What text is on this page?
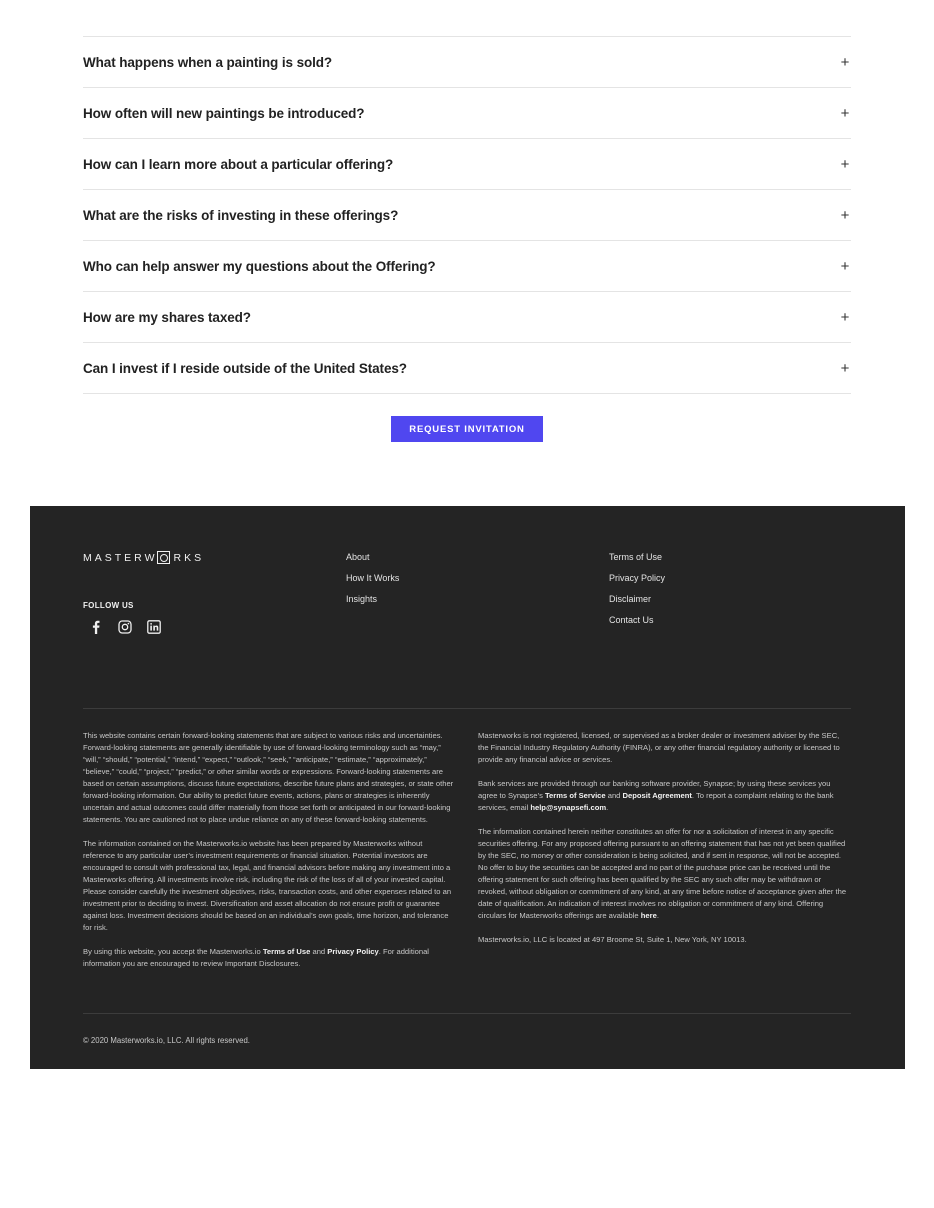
What happens when a painting is sold?	+
How often will new paintings be introduced?	+
How can I learn more about a particular offering?	+
What are the risks of investing in these offerings?	+
Who can help answer my questions about the Offering?	+
How are my shares taxed?	+
Can I invest if I reside outside of the United States?	+
REQUEST INVITATION
MASTERW RKS
FOLLOW US
About
How It Works
Insights
Terms of Use
Privacy Policy
Disclaimer
Contact Us

This website contains certain forward-looking statements that are subject to various risks and uncertainties. Forward-looking statements are generally identifiable by use of forward-looking terminology such as “may,” “will,” “should,” “potential,” “intend,” “expect,” “outlook,” “seek,” “anticipate,” “estimate,” “approximately,” “believe,” “could,” “project,” “predict,” or other similar words or expressions. Forward-looking statements are based on certain assumptions, discuss future expectations, describe future plans and strategies, or state other forward-looking information. Our ability to predict future events, actions, plans or strategies is inherently uncertain and actual outcomes could differ materially from those set forth or anticipated in our forward-looking statements. You are cautioned not to place undue reliance on any of these forward-looking statements.

The information contained on the Masterworks.io website has been prepared by Masterworks without reference to any particular user’s investment requirements or financial situation. Potential investors are encouraged to consult with professional tax, legal, and financial advisors before making any investment into a Masterworks offering. All investments involve risk, including the risk of the loss of all of your invested capital. Please consider carefully the investment objectives, risks, transaction costs, and other expenses related to an investment prior to deciding to invest. Diversification and asset allocation do not ensure profit or guarantee against loss. Investment decisions should be based on an individual’s own goals, time horizon, and tolerance for risk.

By using this website, you accept the Masterworks.io Terms of Use and Privacy Policy. For additional information you are encouraged to review Important Disclosures.

Masterworks is not registered, licensed, or supervised as a broker dealer or investment adviser by the SEC, the Financial Industry Regulatory Authority (FINRA), or any other financial regulatory authority or licensed to provide any financial advice or services.

Bank services are provided through our banking software provider, Synapse; by using these services you agree to Synapse’s Terms of Service and Deposit Agreement. To report a complaint relating to the bank services, email help@synapsefi.com.

The information contained herein neither constitutes an offer for nor a solicitation of interest in any specific securities offering. For any proposed offering pursuant to an offering statement that has not yet been qualified by the SEC, no money or other consideration is being solicited, and if sent in response, will not be accepted. No offer to buy the securities can be accepted and no part of the purchase price can be received until the offering statement for such offering has been qualified by the SEC any such offer may be withdrawn or revoked, without obligation or commitment of any kind, at any time before notice of acceptance given after the date of qualification. An indication of interest involves no obligation or commitment of any kind. Offering circulars for Masterworks offerings are available here.

Masterworks.io, LLC is located at 497 Broome St, Suite 1, New York, NY 10013.

© 2020 Masterworks.io, LLC. All rights reserved.
